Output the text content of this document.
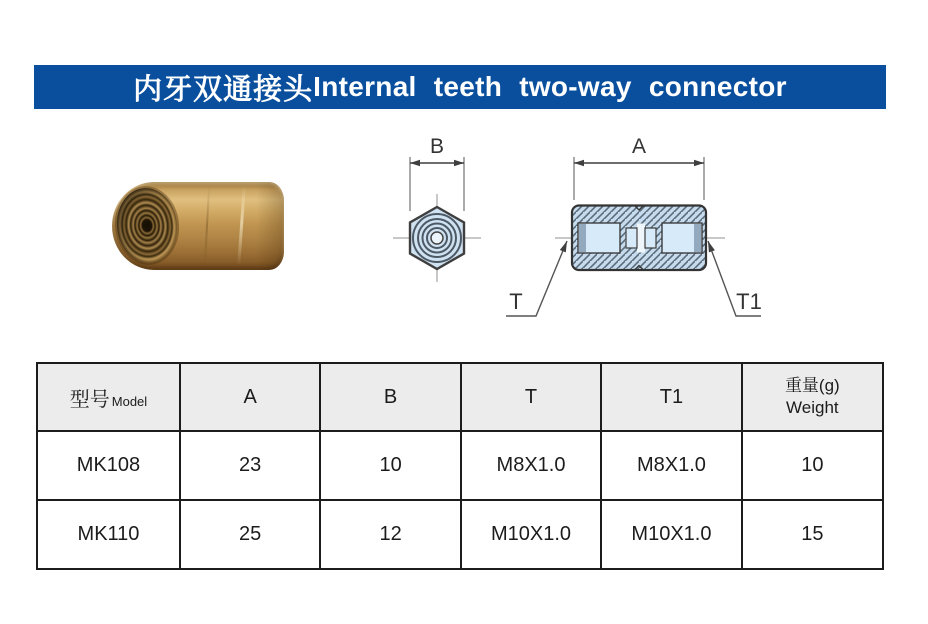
内牙双通接头 Internal teeth two-way connector
B	A
T	T1
型号 Model	A	B	T	T1	重量(g)
Weight

MK108	23	10	M8X1.0	M8X1.0	10
MK110	25	12	M10X1.0	M10X1.0	15
